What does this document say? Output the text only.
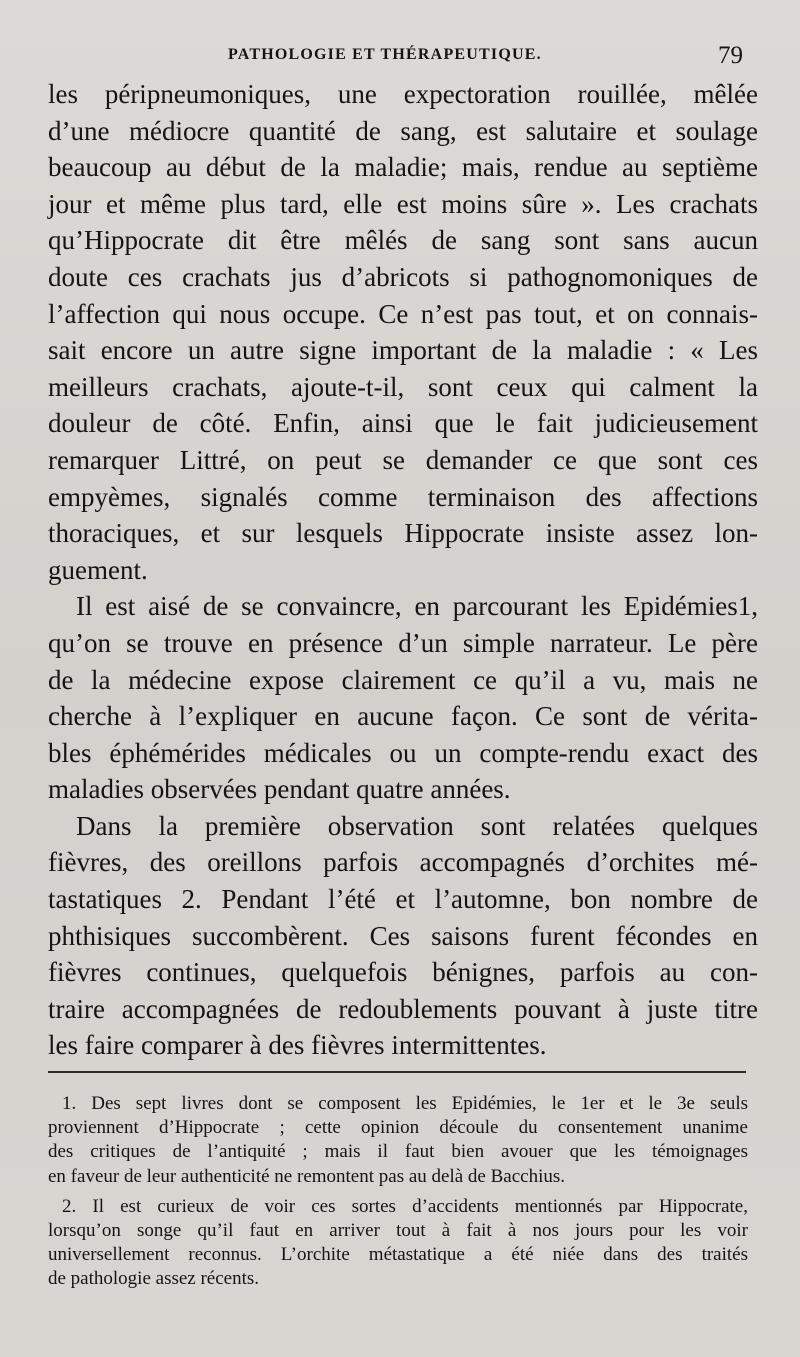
PATHOLOGIE ET THÉRAPEUTIQUE.	79
les péripneumoniques, une expectoration rouillée, mêlée
d’une médiocre quantité de sang, est salutaire et soulage
beaucoup au début de la maladie; mais, rendue au septième
jour et même plus tard, elle est moins sûre ». Les crachats
qu’Hippocrate dit être mêlés de sang sont sans aucun
doute ces crachats jus d’abricots si pathognomoniques de
l’affection qui nous occupe. Ce n’est pas tout, et on connais-
sait encore un autre signe important de la maladie : « Les
meilleurs crachats, ajoute-t-il, sont ceux qui calment la
douleur de côté. Enfin, ainsi que le fait judicieusement
remarquer Littré, on peut se demander ce que sont ces
empyèmes, signalés comme terminaison des affections
thoraciques, et sur lesquels Hippocrate insiste assez lon-
guement.
Il est aisé de se convaincre, en parcourant les Epidémies1,
qu’on se trouve en présence d’un simple narrateur. Le père
de la médecine expose clairement ce qu’il a vu, mais ne
cherche à l’expliquer en aucune façon. Ce sont de vérita-
bles éphémérides médicales ou un compte-rendu exact des
maladies observées pendant quatre années.
Dans la première observation sont relatées quelques
fièvres, des oreillons parfois accompagnés d’orchites mé-
tastatiques 2. Pendant l’été et l’automne, bon nombre de
phthisiques succombèrent. Ces saisons furent fécondes en
fièvres continues, quelquefois bénignes, parfois au con-
traire accompagnées de redoublements pouvant à juste titre
les faire comparer à des fièvres intermittentes.
1. Des sept livres dont se composent les Epidémies, le 1er et le 3e seuls
proviennent d’Hippocrate ; cette opinion découle du consentement unanime
des critiques de l’antiquité ; mais il faut bien avouer que les témoignages
en faveur de leur authenticité ne remontent pas au delà de Bacchius.
2. Il est curieux de voir ces sortes d’accidents mentionnés par Hippocrate,
lorsqu’on songe qu’il faut en arriver tout à fait à nos jours pour les voir
universellement reconnus. L’orchite métastatique a été niée dans des traités
de pathologie assez récents.
